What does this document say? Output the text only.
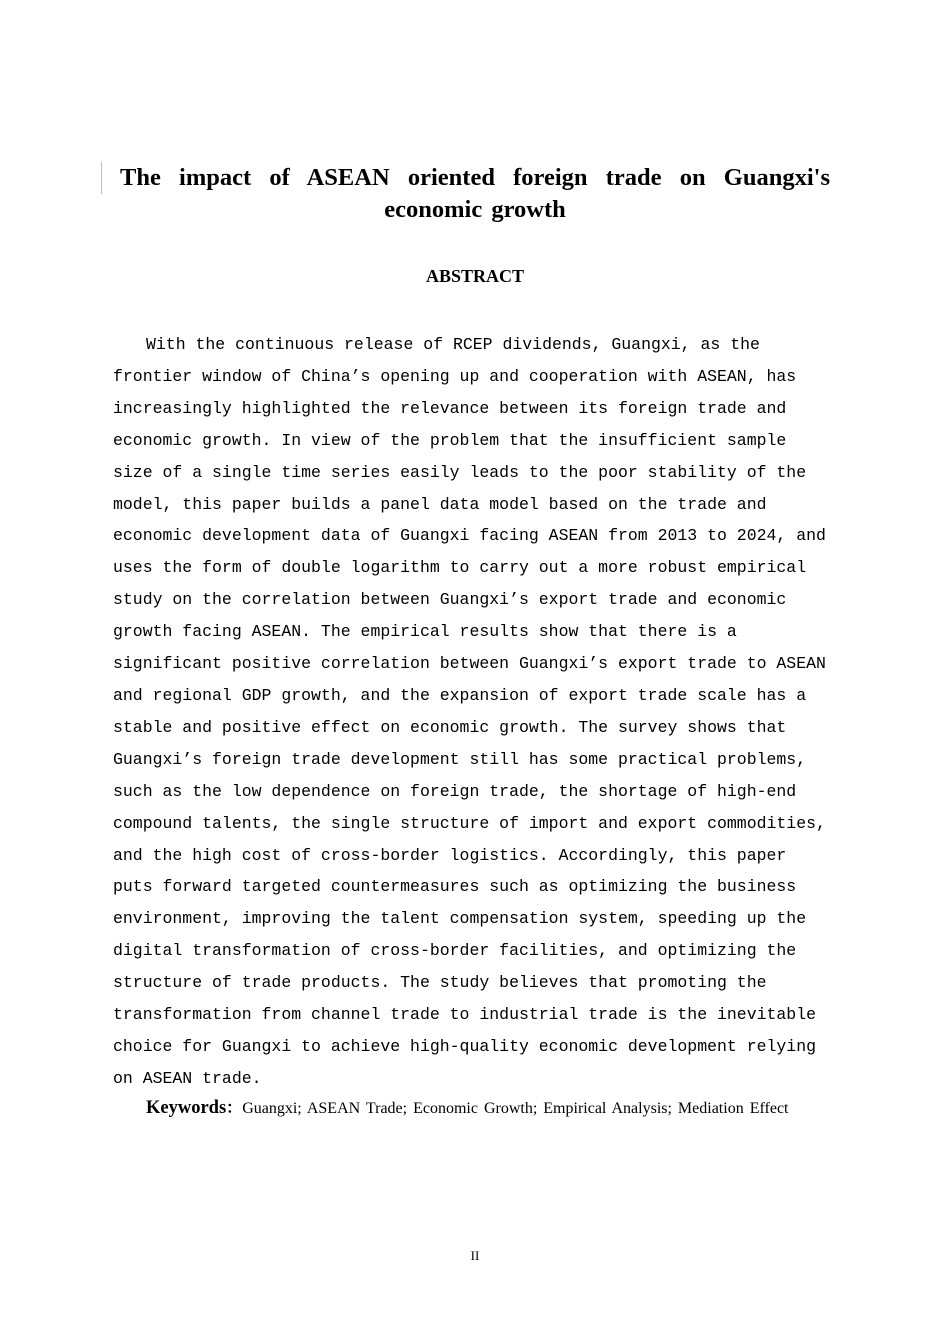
The impact of ASEAN oriented foreign trade on Guangxi's economic growth
ABSTRACT

With the continuous release of RCEP dividends, Guangxi, as the frontier window of China’s opening up and cooperation with ASEAN, has increasingly highlighted the relevance between its foreign trade and economic growth. In view of the problem that the insufficient sample size of a single time series easily leads to the poor stability of the model, this paper builds a panel data model based on the trade and economic development data of Guangxi facing ASEAN from 2013 to 2024, and uses the form of double logarithm to carry out a more robust empirical study on the correlation between Guangxi’s export trade and economic growth facing ASEAN. The empirical results show that there is a significant positive correlation between Guangxi’s export trade to ASEAN and regional GDP growth, and the expansion of export trade scale has a stable and positive effect on economic growth. The survey shows that Guangxi’s foreign trade development still has some practical problems, such as the low dependence on foreign trade, the shortage of high-end compound talents, the single structure of import and export commodities, and the high cost of cross-border logistics. Accordingly, this paper puts forward targeted countermeasures such as optimizing the business environment, improving the talent compensation system, speeding up the digital transformation of cross-border facilities, and optimizing the structure of trade products. The study believes that promoting the transformation from channel trade to industrial trade is the inevitable choice for Guangxi to achieve high-quality economic development relying on ASEAN trade.

Keywords：Guangxi; ASEAN Trade; Economic Growth; Empirical Analysis; Mediation Effect

II
